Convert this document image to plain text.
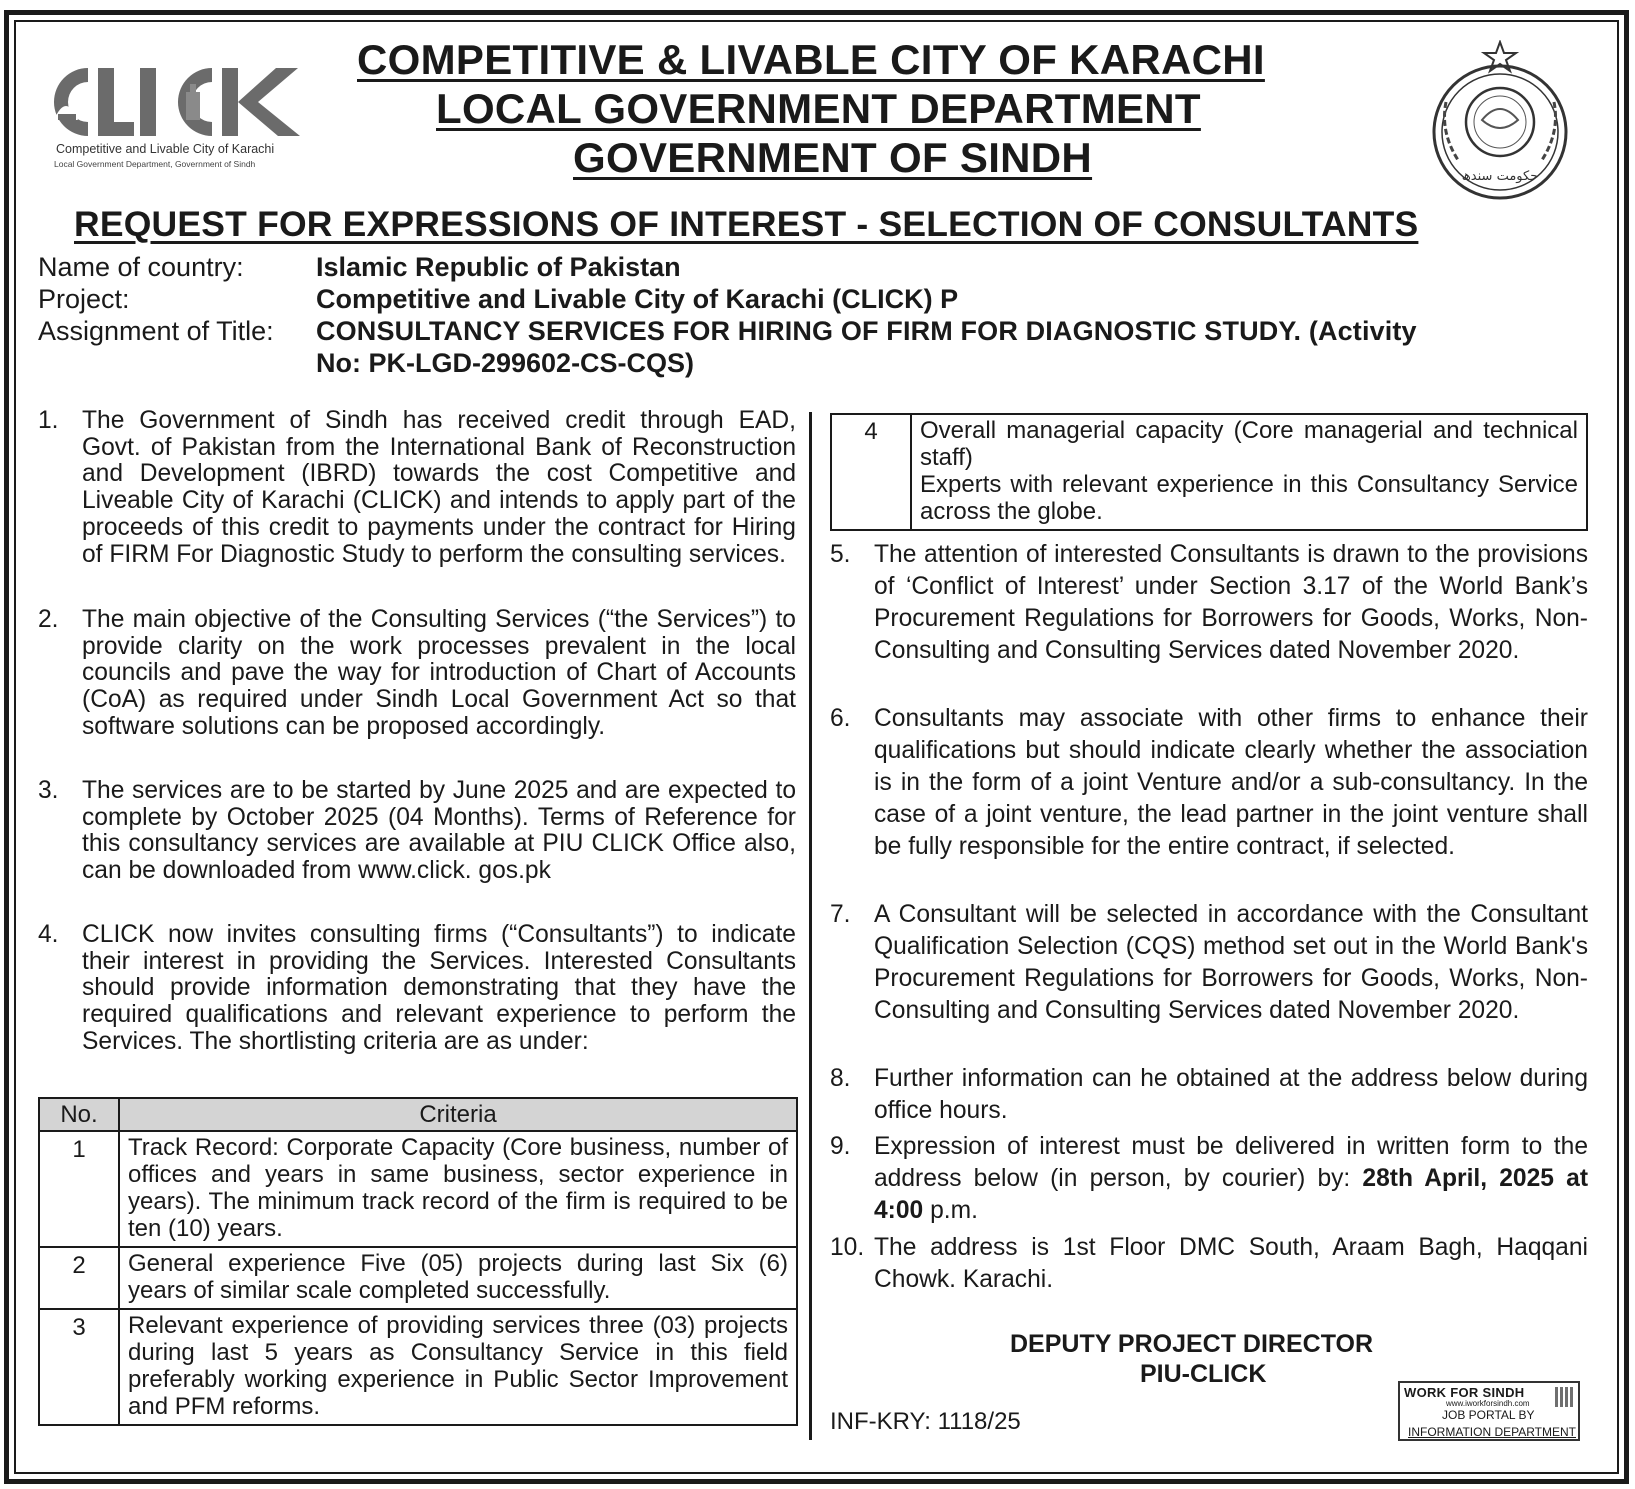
Competitive and Livable City of Karachi
Local Government Department, Government of Sindh
COMPETITIVE & LIVABLE CITY OF KARACHI
LOCAL GOVERNMENT DEPARTMENT
GOVERNMENT OF SINDH	حکومت سندھ
REQUEST FOR EXPRESSIONS OF INTEREST - SELECTION OF CONSULTANTS
Name of country:	Islamic Republic of Pakistan
Project:	Competitive and Livable City of Karachi (CLICK) P
Assignment of Title: CONSULTANCY SERVICES FOR HIRING OF FIRM FOR DIAGNOSTIC STUDY. (Activity
No: PK-LGD-299602-CS-CQS)
1. The Government of Sindh has received credit through EAD, Govt. of Pakistan from the International Bank of Reconstruction and Development (IBRD) towards the cost Competitive and Liveable City of Karachi (CLICK) and intends to apply part of the proceeds of this credit to payments under the contract for Hiring of FIRM For Diagnostic Study to perform the consulting services.
2. The main objective of the Consulting Services (“the Services”) to provide clarity on the work processes prevalent in the local councils and pave the way for introduction of Chart of Accounts (CoA) as required under Sindh Local Government Act so that software solutions can be proposed accordingly.
3. The services are to be started by June 2025 and are expected to complete by October 2025 (04 Months). Terms of Reference for this consultancy services are available at PIU CLICK Office also, can be downloaded from www.click. gos.pk
4. CLICK now invites consulting firms (“Consultants”) to indicate their interest in providing the Services. Interested Consultants should provide information demonstrating that they have the required qualifications and relevant experience to perform the Services. The shortlisting criteria are as under:
No.	Criteria
1	Track Record: Corporate Capacity (Core business, number of offices and years in same business, sector experience in years). The minimum track record of the firm is required to be ten (10) years.
2	General experience Five (05) projects during last Six (6) years of similar scale completed successfully.
3	Relevant experience of providing services three (03) projects during last 5 years as Consultancy Service in this field preferably working experience in Public Sector Improvement and PFM reforms.
4	Overall managerial capacity (Core managerial and technical staff)
Experts with relevant experience in this Consultancy Service across the globe.
5. The attention of interested Consultants is drawn to the provisions of ‘Conflict of Interest’ under Section 3.17 of the World Bank’s Procurement Regulations for Borrowers for Goods, Works, Non-Consulting and Consulting Services dated November 2020.
6. Consultants may associate with other firms to enhance their qualifications but should indicate clearly whether the association is in the form of a joint Venture and/or a sub-consultancy. In the case of a joint venture, the lead partner in the joint venture shall be fully responsible for the entire contract, if selected.
7. A Consultant will be selected in accordance with the Consultant Qualification Selection (CQS) method set out in the World Bank's Procurement Regulations for Borrowers for Goods, Works, Non-Consulting and Consulting Services dated November 2020.
8. Further information can he obtained at the address below during office hours.
9. Expression of interest must be delivered in written form to the address below (in person, by courier) by: 28th April, 2025 at 4:00 p.m.
10. The address is 1st Floor DMC South, Araam Bagh, Haqqani Chowk. Karachi.
DEPUTY PROJECT DIRECTOR
PIU-CLICK
INF-KRY: 1118/25
WORK FOR SINDH
www.iworkforsindh.com
JOB PORTAL BY
INFORMATION DEPARTMENT
